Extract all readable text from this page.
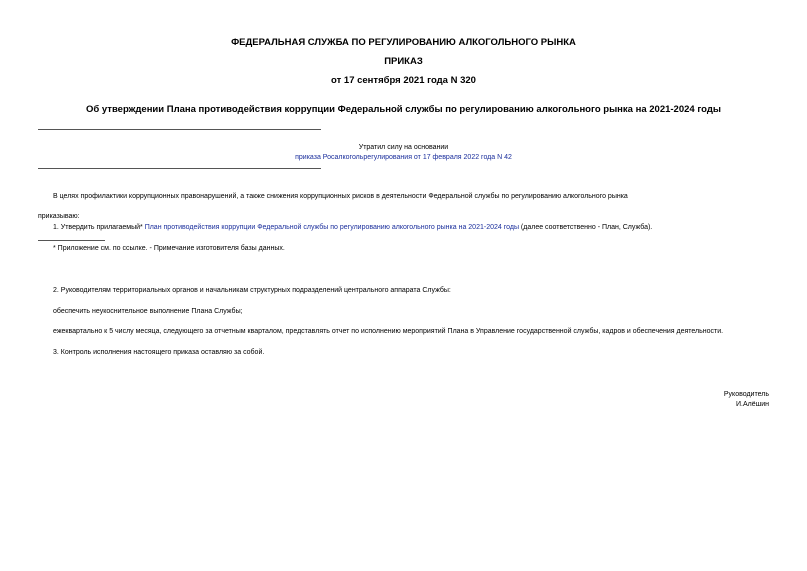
ФЕДЕРАЛЬНАЯ СЛУЖБА ПО РЕГУЛИРОВАНИЮ АЛКОГОЛЬНОГО РЫНКА
ПРИКАЗ
от 17 сентября 2021 года N 320
Об утверждении Плана противодействия коррупции Федеральной службы по регулированию алкогольного рынка на 2021-2024 годы
Утратил силу на основании
приказа Росалкогольрегулирования от 17 февраля 2022 года N 42
В целях профилактики коррупционных правонарушений, а также снижения коррупционных рисков в деятельности Федеральной службы по регулированию алкогольного рынка
приказываю:
1. Утвердить прилагаемый* План противодействия коррупции Федеральной службы по регулированию алкогольного рынка на 2021-2024 годы (далее соответственно - План, Служба).
* Приложение см. по ссылке. - Примечание изготовителя базы данных.
2. Руководителям территориальных органов и начальникам структурных подразделений центрального аппарата Службы:
обеспечить неукоснительное выполнение Плана Службы;
ежеквартально к 5 числу месяца, следующего за отчетным кварталом, представлять отчет по исполнению мероприятий Плана в Управление государственной службы, кадров и обеспечения деятельности.
3. Контроль исполнения настоящего приказа оставляю за собой.
Руководитель
И.Алёшин
